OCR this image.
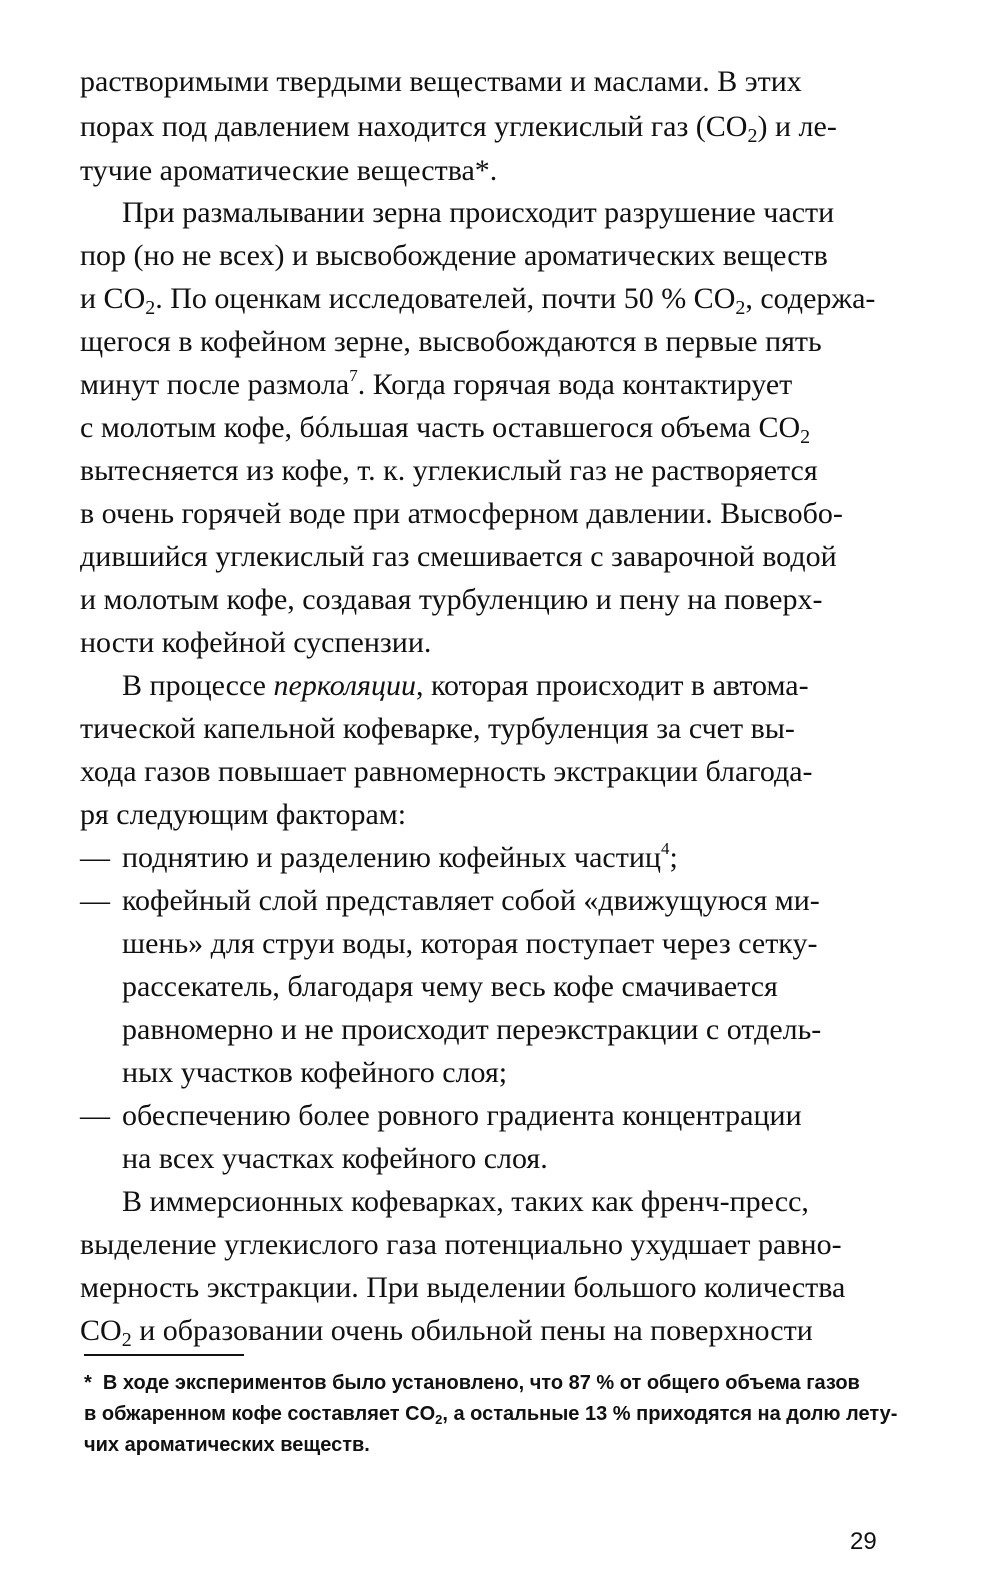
растворимыми твердыми веществами и маслами. В этих
порах под давлением находится углекислый газ $(CO_2)$ и ле-
тучие ароматические вещества*.
При размалывании зерна происходит разрушение части
пор (но не всех) и высвобождение ароматических веществ
и $CO_2$. По оценкам исследователей, почти 50 % $CO_2$, содержа-
щегося в кофейном зерне, высвобождаются в первые пять
минут после размола$^7$. Когда горячая вода контактирует
с молотым кофе, бóльшая часть оставшегося объема $CO_2$
вытесняется из кофе, т. к. углекислый газ не растворяется
в очень горячей воде при атмосферном давлении. Высвобо-
дившийся углекислый газ смешивается с заварочной водой
и молотым кофе, создавая турбуленцию и пену на поверх-
ности кофейной суспензии.
В процессе перколяции, которая происходит в автома-
тической капельной кофеварке, турбуленция за счет вы-
хода газов повышает равномерность экстракции благода-
ря следующим факторам:
— поднятию и разделению кофейных частиц$^4$;
— кофейный слой представляет собой «движущуюся ми-
шень» для струи воды, которая поступает через сетку-
рассекатель, благодаря чему весь кофе смачивается
равномерно и не происходит переэкстракции с отдель-
ных участков кофейного слоя;
— обеспечению более ровного градиента концентрации
на всех участках кофейного слоя.
В иммерсионных кофеварках, таких как френч-пресс,
выделение углекислого газа потенциально ухудшает равно-
мерность экстракции. При выделении большого количества
$CO_2$ и образовании очень обильной пены на поверхности
*  В ходе экспериментов было установлено, что 87 % от общего объема газов
в обжаренном кофе составляет $CO_2$, а остальные 13 % приходятся на долю лету-
чих ароматических веществ.
29
